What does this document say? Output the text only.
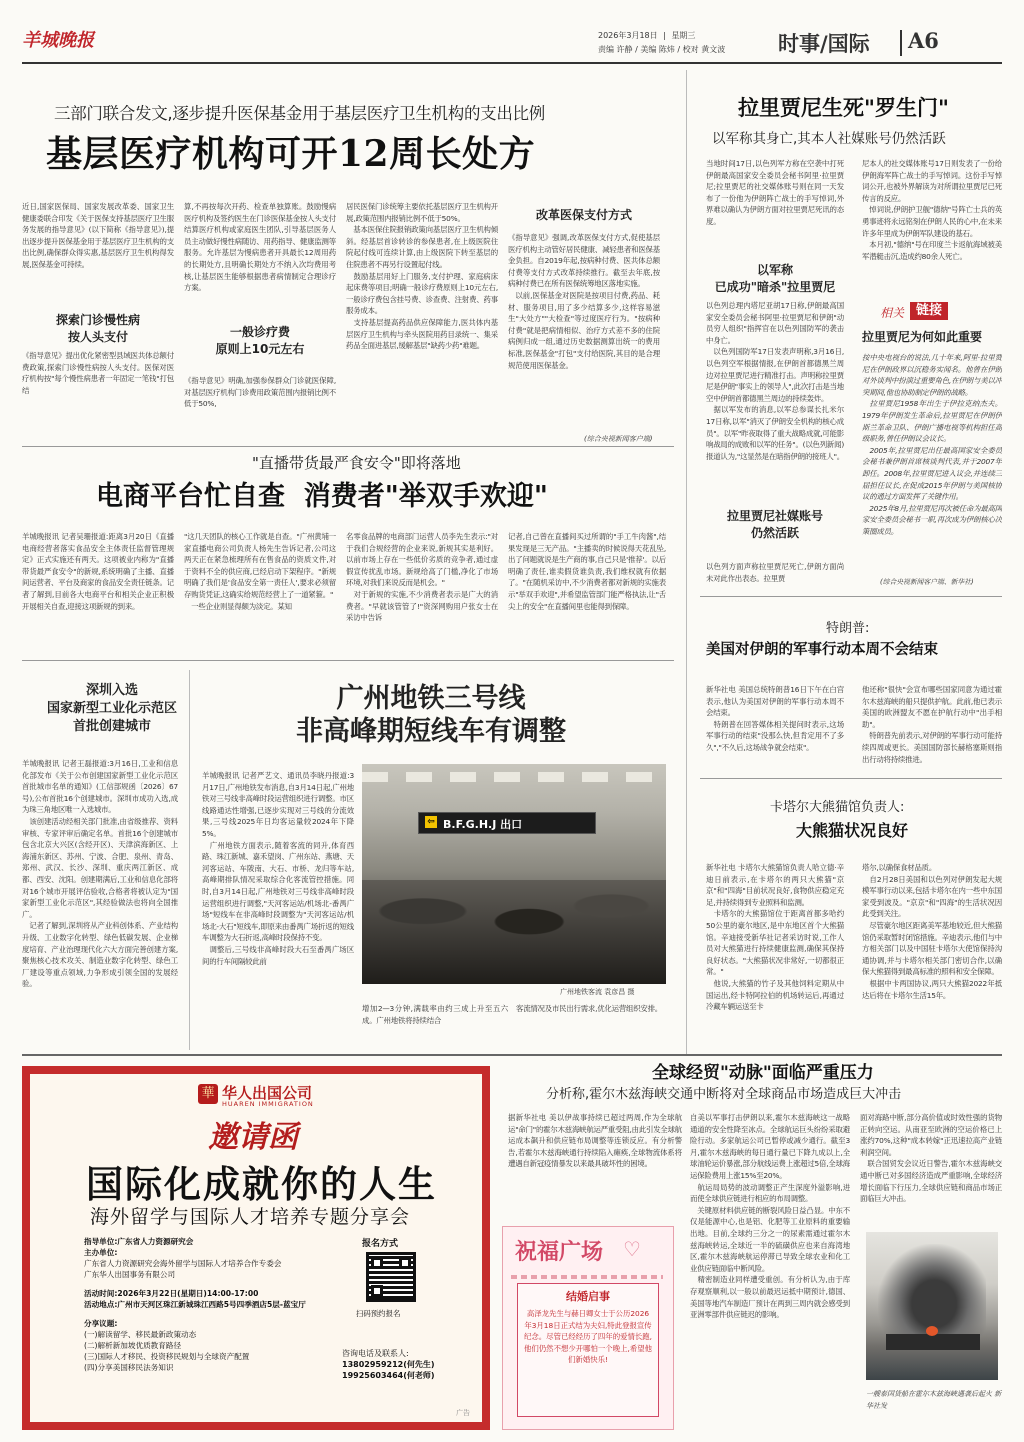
羊城晚报	2026年3月18日 | 星期三
责编 许静 / 美编 陈炜 / 校对 黄文波	时事/国际 A6
三部门联合发文,逐步提升医保基金用于基层医疗卫生机构的支出比例
基层医疗机构可开12周长处方
近日,国家医保局、国家发展改革委、国家卫生健康委联合印发《关于医保支持基层医疗卫生服务发展的指导意见》(以下简称《指导意见》),提出逐步提升医保基金用于基层医疗卫生机构的支出比例,确保群众得实惠,基层医疗卫生机构得发展,医保基金可持续。
探索门诊慢性病
按人头支付
《指导意见》提出优化紧密型县域医共体总额付费政策,探索门诊慢性病按人头支付。医保对医疗机构按"每个慢性病患者一年固定一笔钱"打包结
算,不再按每次开药、检查单独算账。鼓励慢病医疗机构及签约医生在门诊医保基金按人头支付结算医疗机构或家庭医生团队,引导基层医务人员主动做好慢性病随访、用药指导、健康监测等服务。允许基层为慢病患者开具最长12周用药的长期处方,且明确长期处方不纳入次均费用考核,让基层医生能够根据患者病情制定合理诊疗方案。
一般诊疗费
原则上10元左右
《指导意见》明确,加强参保群众门诊就医保障,对基层医疗机构门诊费用政策范围内报销比例不低于50%,
居民医保门诊统筹主要依托基层医疗卫生机构开展,政策范围内报销比例不低于50%。
　基本医保住院报销政策向基层医疗卫生机构倾斜。经基层首诊转诊的参保患者,在上级医院住院起付线可连续计算,由上级医院下转至基层的住院患者不再另行设置起付线。
　鼓励基层用好上门服务,支付护理、家庭病床起床费等项目;明确一般诊疗费原则上10元左右,一般诊疗费包含挂号费、诊查费、注射费、药事服务成本。
　支持基层提高药品供应保障能力,医共体内基层医疗卫生机构与牵头医院用药目录统一、集采药品全面进基层,缓解基层"缺药少药"难题。
改革医保支付方式
《指导意见》强调,改革医保支付方式,促使基层医疗机构主动管好居民健康、减轻患者和医保基金负担。自2019年起,按病种付费、医共体总额付费等支付方式改革持续推行。截至去年底,按病种付费已在所有医保统筹地区落地实施。
　以前,医保基金对医院是按项目付费,药品、耗材、服务项目,用了多少结算多少,这样容易滋生"大处方""大检查"等过度医疗行为。"按病种付费"就是把病情相似、治疗方式差不多的住院病例归成一组,通过历史数据测算出统一的费用标准,医保基金"打包"支付给医院,其目的是合理规范使用医保基金。
(综合央视新闻客户端)
"直播带货最严食安令"即将落地
电商平台忙自查  消费者"举双手欢迎"
羊城晚报讯 记者吴珊报道:距离3月20日《直播电商经营者落实食品安全主体责任监督管理规定》正式实施还有两天。这项被业内称为"直播带货最严食安令"的新规,系统明确了主播、直播间运营者、平台及商家的食品安全责任链条。记者了解到,目前各大电商平台和相关企业正积极开展相关自查,迎接这项新规的到来。
"这几天团队的核心工作就是自查。"广州黄埔一家直播电商公司负责人杨先生告诉记者,公司这两天正在紧急梳理所有在售食品的资质文件,对于资料不全的供应商,已经启动下架程序。"新规明确了我们是'食品安全第一责任人',要求必须留存购货凭证,这确实给规范经营上了一道紧箍。"
　一些企业则显得颇为淡定。某知
名零食品牌的电商部门运营人员李先生表示:"对于我们合规经营的企业来说,新规其实是利好。以前市场上存在一些低价劣质的竞争者,通过虚假宣传扰乱市场。新规给高了门槛,净化了市场环境,对我们来说反而是机会。"
　对于新规的实施,不少消费者表示是广大的消费者。"早就该管管了!"资深网购用户张女士在采访中告诉
记者,自己曾在直播间买过所谓的"手工牛肉酱",结果发现是三无产品。"主播卖的时候说得天花乱坠,出了问题就说是生产商的事,自己只是'推荐'。以后明确了责任,谁卖假货谁负责,我们维权就有依据了。"在随机采访中,不少消费者都对新规的实施表示"举双手欢迎",并希望监管部门能严格执法,让"舌尖上的安全"在直播间里也能得到保障。
深圳入选
国家新型工业化示范区
首批创建城市
羊城晚报讯 记者王磊报道:3月16日,工业和信息化部发布《关于公布创建国家新型工业化示范区首批城市名单的通知》(工信部规函〔2026〕67号),公布首批16个创建城市。深圳市成功入选,成为珠三角地区唯一入选城市。
　该创建活动经相关部门批准,由省级推荐、资料审核、专家评审后确定名单。首批16个创建城市包含北京大兴区(含经开区)、天津滨海新区、上海浦东新区、苏州、宁波、合肥、泉州、青岛、郑州、武汉、长沙、深圳、重庆两江新区、成都、西安、沈阳。创建期满后,工业和信息化部将对16个城市开展评估验收,合格者将被认定为"国家新型工业化示范区",其经验做法也将向全国推广。
　记者了解到,深圳将从产业科创体系、产业结构升级、工业数字化转型、绿色低碳发展、企业梯度培育、产业治理现代化六大方面完善创建方案,聚焦核心技术攻关、制造业数字化转型、绿色工厂建设等重点领域,力争形成引领全国的发展经验。
广州地铁三号线
非高峰期短线车有调整
羊城晚报讯 记者严艺文、通讯员李晓丹报道:3月17日,广州地铁发布消息,自3月14日起,广州地铁对三号线非高峰时段运营组织进行调整。市区线路通达性增强,已逐步实现对三号线的分流效果,三号线2025年日均客运量较2024年下降5%。
　广州地铁方面表示,随着客流的同升,体育西路、珠江新城、嘉禾望岗、广州东站、燕塘、天河客运站、车陂南、大石、市桥、龙归等车站,高峰期排队情况采取综合化客流管控措施。同时,自3月14日起,广州地铁对三号线非高峰时段运营组织进行调整,"天河客运站/机场北-番禺广场"短线车在非高峰时段调整为"天河客运站/机场北-大石"短线车,即原来由番禺广场折返的短线车调整为大石折返,高峰时段保持不变。
　调整后,三号线非高峰时段大石至番禺广场区间的行车间隔较此前
⇦ B.F.G.H.J 出口
广州地铁客流 袁彦昌 摄
增加2—3分钟,满载率由约三成上升至五六成。广州地铁将持续结合
客流情况及市民出行需求,优化运营组织安排。
拉里贾尼生死"罗生门"
以军称其身亡,其本人社媒账号仍然活跃
当地时间17日,以色列军方称在空袭中打死伊朗最高国家安全委员会秘书阿里·拉里贾尼;拉里贾尼的社交媒体账号则在同一天发布了一份他为伊朗阵亡战士的手写悼词,外界难以确认为伊朗方面对拉里贾尼死讯的态度。
以军称
已成功"暗杀"拉里贾尼
以色列总理内塔尼亚胡17日称,伊朗最高国家安全委员会秘书阿里·拉里贾尼和伊朗"动员穷人组织"指挥官在以色列国防军的袭击中身亡。
　以色列国防军17日发表声明称,3月16日,以色列空军根据情报,在伊朗首都德黑兰周边对拉里贾尼进行精准打击。声明称拉里贾尼是伊朗"事实上的领导人",此次打击是当地空中伊朗首都德黑兰周边的持续轰炸。
　据以军发布的消息,以军总参谋长扎米尔17日称,以军"消灭了伊朗安全机构的核心成员"。以军"昨夜取得了重大战略成就,可能影响战局的成败和以军的任务"。(以色列新闻)报道认为,"这显然是在暗指伊朗的接班人"。
拉里贾尼社媒账号
仍然活跃
以色列方面声称拉里贾尼死亡,伊朗方面尚未对此作出表态。拉里贾
尼本人的社交媒体账号17日则发表了一份给伊朗海军阵亡战士的手写悼词。这份手写悼词公开,也被外界解读为对所谓拉里贾尼已死传言的反应。
　悼词说,伊朗护卫舰"德纳"号阵亡士兵的英勇事迹将永远铭刻在伊朗人民的心中,在未来许多年里成为伊朗军队建设的基石。
　本月初,"德纳"号在印度兰卡返航海域被美军潜艇击沉,造成约80余人死亡。
相关 链接
拉里贾尼为何如此重要
按中央电视台的说法,几十年来,阿里·拉里贾尼在伊朗政界以沉稳务实闻名。他曾在伊朗对外谈判中扮演过重要角色,在伊朗与美以冲突期间,他也协助制定伊朗的战略。
　拉里贾尼1958年出生于伊拉克纳杰夫。1979年伊朗发生革命后,拉里贾尼在伊朗伊斯兰革命卫队、伊朗广播电视等机构担任高级职务,曾任伊朗议会议长。
　2005年,拉里贾尼出任最高国家安全委员会秘书兼伊朗首席核谈判代表,并于2007年卸任。2008年,拉里贾尼进入议会,并连续三届担任议长,在促成2015年伊朗与美国核协议的通过方面发挥了关键作用。
　2025年8月,拉里贾尼再次被任命为最高国家安全委员会秘书一职,再次成为伊朗核心决策圈成员。
(综合央视新闻客户端、新华社)
特朗普:
美国对伊朗的军事行动本周不会结束
新华社电 美国总统特朗普16日下午在白宫表示,他认为美国对伊朗的军事行动本周不会结束。
　特朗普在回答媒体相关提问时表示,这场军事行动的结束"没那么快,但肯定用不了多久","不久后,这场战争就会结束"。
他还称"很快"会宣布哪些国家同意为通过霍尔木兹海峡的船只提供护航。此前,他已表示美国的欧洲盟友不愿在护航行动中"出手相助"。
　特朗普先前表示,对伊朗的军事行动可能持续四周或更长。美国国防部长赫格塞斯则指出行动将持续推进。
卡塔尔大熊猫馆负责人:
大熊猫状况良好
新华社电 卡塔尔大熊猫馆负责人哈立德·辛迪日前表示,在卡塔尔的两只大熊猫"京京"和"四海"目前状况良好,食物供应稳定充足,并持续得到专业照料和监测。
　卡塔尔的大熊猫馆位于距离首都多哈约50公里的豪尔地区,是中东地区首个大熊猫馆。辛迪接受新华社记者采访时说,工作人员对大熊猫进行持续健康监测,确保其保持良好状态。"大熊猫状况非常好,一切都很正常。"
　他说,大熊猫的竹子及其他饲料定期从中国运出,经卡特阿拉伯的机场转运后,再通过冷藏车辆运送至卡
塔尔,以确保食材品质。
　自2月28日美国和以色列对伊朗发起大规模军事行动以来,包括卡塔尔在内一些中东国家受到波及。"京京"和"四海"的生活状况因此受到关注。
　尽管豪尔地区距离美军基地较近,但大熊猫馆仍采取暂时闭馆措施。辛迪表示,他们与中方相关部门以及中国驻卡塔尔大使馆保持沟通协调,并与卡塔尔相关部门密切合作,以确保大熊猫得到最高标准的照料和安全保障。
　根据中卡两国协议,两只大熊猫2022年抵达后将在卡塔尔生活15年。
全球经贸"动脉"面临严重压力
分析称,霍尔木兹海峡交通中断将对全球商品市场造成巨大冲击
据新华社电 美以伊战事持续已超过两周,作为全球航运"命门"的霍尔木兹海峡航运严重受阻,由此引发全球航运成本飙升和供应链布局调整等连锁反应。有分析警告,若霍尔木兹海峡通行持续陷入瘫痪,全球物流体系将遭遇自新冠疫情暴发以来最具破坏性的困境。
自美以军事打击伊朗以来,霍尔木兹海峡这一战略通道的安全性降至冰点。全球航运巨头纷纷采取避险行动。多家航运公司已暂停或减少通行。截至3月,霍尔木兹海峡的每日通行量已下降九成以上,全球油轮运价暴涨,部分航线运费上涨超过5倍,全球海运保险费用上涨15%至20%。
　航运局局势的波动调整正产生深度外溢影响,进而使全球供应链进行相应的布局调整。
　关键原材料供应链的断裂风险日益凸显。中东不仅是能源中心,也是铝、化肥等工业原料的重要输出地。目前,全球约三分之一的尿素需通过霍尔木兹海峡转运,全球近一半的硫磺供应也来自海湾地区,霍尔木兹海峡航运停滞已导致全球农业和化工业供应链面临中断风险。
　精密制造业同样遭受重创。有分析认为,由于库存观察顺利,以一般以前最迟运抵中期预计,德国、美国等地汽车制造厂预计在两到三周内就会感受到亚洲零部件供应链迟的影响。
面对海路中断,部分高价值或时效性强的货物正转向空运。从南亚至欧洲的空运价格已上涨约70%,这种"成本转嫁"正迅速拉高产业链利润空间。
　联合国贸发会议近日警告,霍尔木兹海峡交通中断已对多国经济造成严重影响,全球经济增长面临下行压力,全球供应链和商品市场正面临巨大冲击。
一艘泰国货船在霍尔木兹海峡遇袭后起火 新华社发
祝福广场 ♡
结婚启事
高泽龙先生与赫日卿女士于公历2026年3月18日正式结为夫妇,特此登报宣传纪念。尽管已经经历了四年的爱情长跑,他们仍然不想少开哪怕一个晚上,希望他们新婚快乐!
華 华人出国公司
HUAREN IMMIGRATION
邀请函
国际化成就你的人生
海外留学与国际人才培养专题分享会
指导单位:广东省人力资源研究会
主办单位:
广东省人力资源研究会海外留学与国际人才培养合作专委会
广东华人出国事务有限公司
活动时间:2026年3月22日(星期日)14:00-17:00
活动地点:广州市天河区珠江新城珠江西路5号四季酒店5层-蓝宝厅
分享议题:
(一)解读留学、移民最新政策动态
(二)解析新加坡优质教育路径
(三)国际人才移民、投资移民规划与全球资产配置
(四)分享美国移民法务知识
报名方式
扫码预约报名
咨询电话及联系人:
13802959212(何先生)
19925603464(何老师)
广告
